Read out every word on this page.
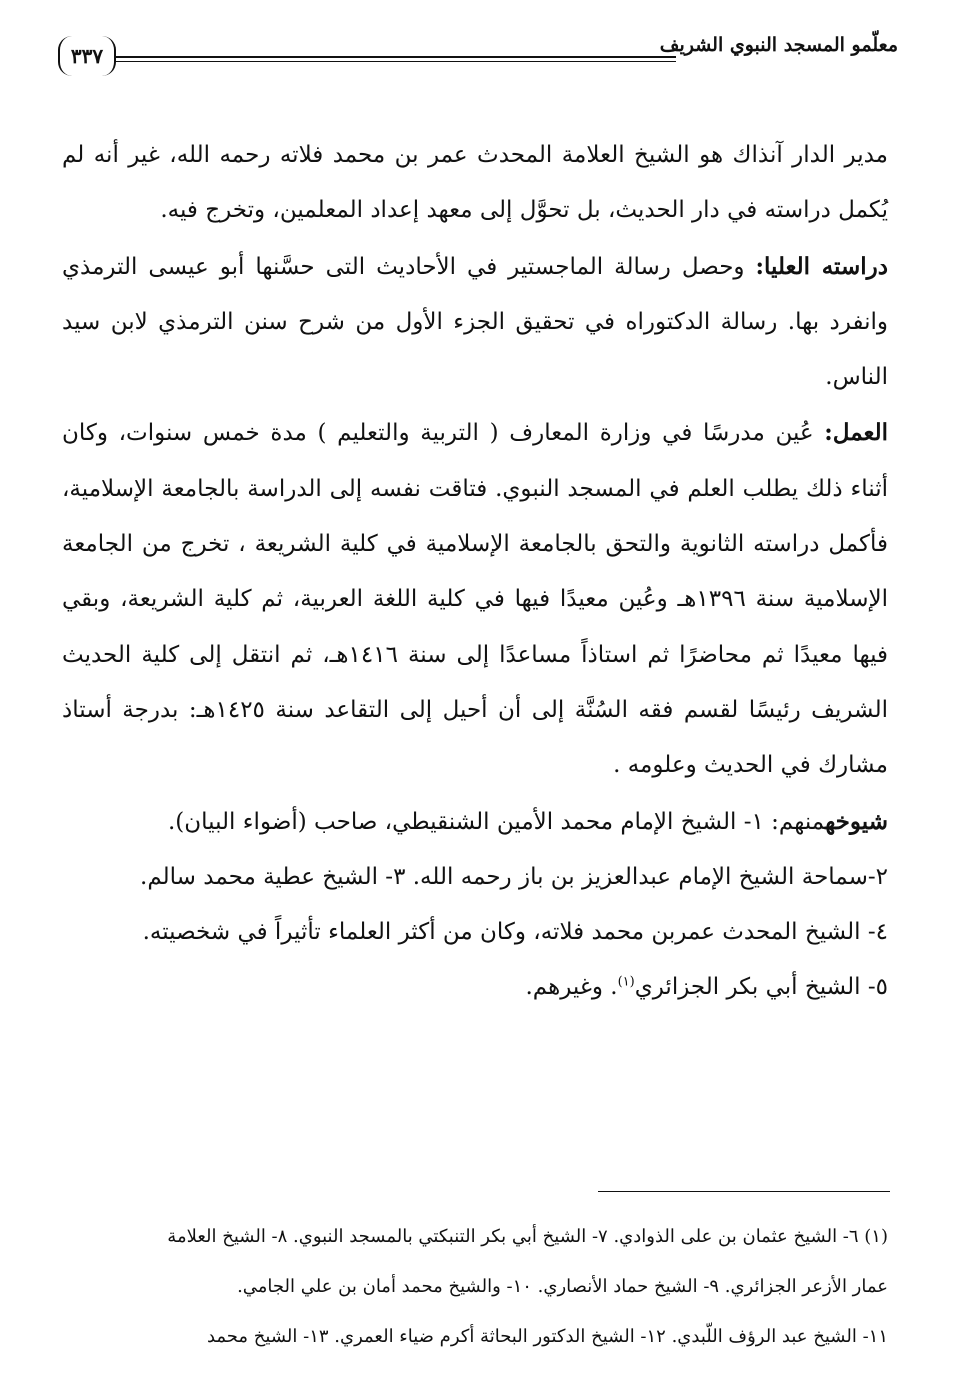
معلّمو المسجد النبوي الشريف
٣٣٧

مدير الدار آنذاك هو الشيخ العلامة المحدث عمر بن محمد فلاته رحمه الله، غير أنه لم يُكمل دراسته في دار الحديث، بل تحوَّل إلى معهد إعداد المعلمين، وتخرج فيه.

دراسته العليا: وحصل رسالة الماجستير في الأحاديث التى حسَّنها أبو عيسى الترمذي وانفرد بها. رسالة الدكتوراه في تحقيق الجزء الأول من شرح سنن الترمذي لابن سيد الناس.

العمل: عُين مدرسًا في وزارة المعارف ( التربية والتعليم ) مدة خمس سنوات، وكان أثناء ذلك يطلب العلم في المسجد النبوي. فتاقت نفسه إلى الدراسة بالجامعة الإسلامية، فأكمل دراسته الثانوية والتحق بالجامعة الإسلامية في كلية الشريعة ، تخرج من الجامعة الإسلامية سنة ١٣٩٦هـ وعُين معيدًا فيها في كلية اللغة العربية، ثم كلية الشريعة، وبقي فيها معيدًا ثم محاضرًا ثم استاذاً مساعدًا إلى سنة ١٤١٦هـ، ثم انتقل إلى كلية الحديث الشريف رئيسًا لقسم فقه السُنَّة إلى أن أحيل إلى التقاعد سنة ١٤٢٥هـ: بدرجة أستاذ مشارك في الحديث وعلومه .

شيوخهمنهم: ١- الشيخ الإمام محمد الأمين الشنقيطي، صاحب (أضواء البيان).

٢-سماحة الشيخ الإمام عبدالعزيز بن باز رحمه الله. ٣- الشيخ عطية محمد سالم.

٤- الشيخ المحدث عمربن محمد فلاته، وكان من أكثر العلماء تأثيراً في شخصيته.

٥- الشيخ أبي بكر الجزائري$^{(١)}$. وغيرهم.

(١) ٦- الشيخ عثمان بن على الذوادي. ٧- الشيخ أبي بكر التنبكتي بالمسجد النبوي. ٨- الشيخ العلامة

عمار الأزعر الجزائري. ٩- الشيخ حماد الأنصاري. ١٠- والشيخ محمد أمان بن علي الجامي.

١١- الشيخ عبد الرؤف اللّبدي. ١٢- الشيخ الدكتور البحاثة أكرم ضياء العمري. ١٣- الشيخ محمد
